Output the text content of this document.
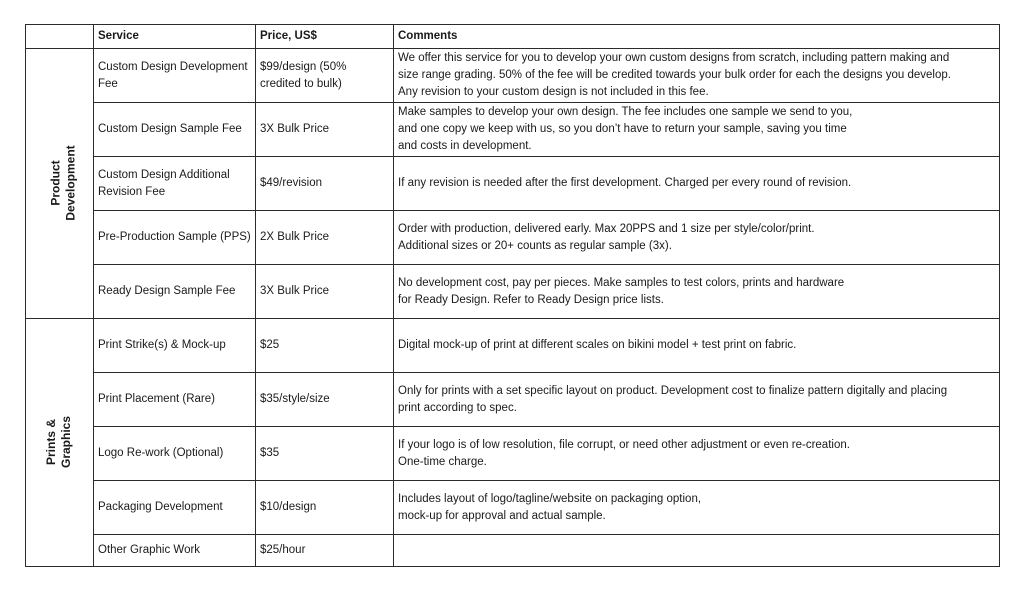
	Service	Price, US$	Comments

Product Development	Custom Design Development Fee	$99/design (50% credited to bulk)	We offer this service for you to develop your own custom designs from scratch, including pattern making and
size range grading. 50% of the fee will be credited towards your bulk order for each the designs you develop.
Any revision to your custom design is not included in this fee.

	Custom Design Sample Fee	3X Bulk Price	Make samples to develop your own design. The fee includes one sample we send to you,
and one copy we keep with us, so you don’t have to return your sample, saving you time
and costs in development.

	Custom Design Additional Revision Fee	$49/revision	If any revision is needed after the first development. Charged per every round of revision.

	Pre-Production Sample (PPS)	2X Bulk Price	Order with production, delivered early. Max 20PPS and 1 size per style/color/print.
Additional sizes or 20+ counts as regular sample (3x).

	Ready Design Sample Fee	3X Bulk Price	No development cost, pay per pieces. Make samples to test colors, prints and hardware
for Ready Design. Refer to Ready Design price lists.

Prints & Graphics	Print Strike(s) & Mock-up	$25	Digital mock-up of print at different scales on bikini model + test print on fabric.

	Print Placement (Rare)	$35/style/size	Only for prints with a set specific layout on product. Development cost to finalize pattern digitally and placing
print according to spec.

	Logo Re-work (Optional)	$35	If your logo is of low resolution, file corrupt, or need other adjustment or even re-creation.
One-time charge.

	Packaging Development	$10/design	Includes layout of logo/tagline/website on packaging option,
mock-up for approval and actual sample.

	Other Graphic Work	$25/hour	
